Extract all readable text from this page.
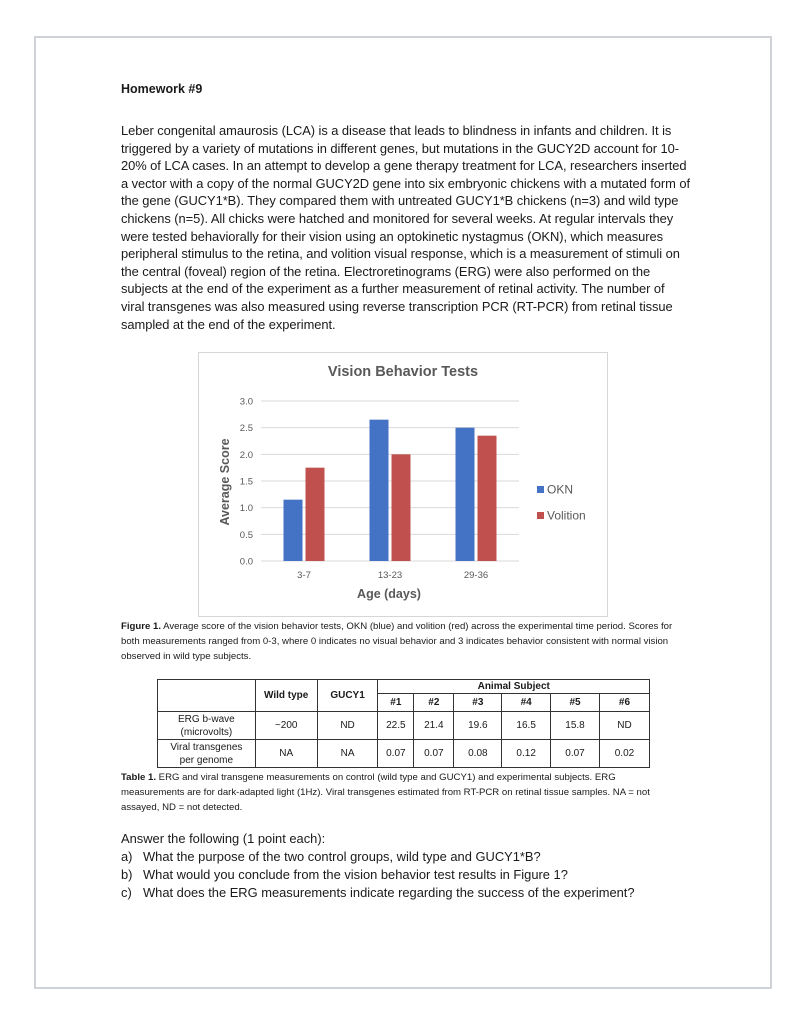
Homework #9

Leber congenital amaurosis (LCA) is a disease that leads to blindness in infants and children. It is triggered by a variety of mutations in different genes, but mutations in the GUCY2D account for 10-20% of LCA cases. In an attempt to develop a gene therapy treatment for LCA, researchers inserted a vector with a copy of the normal GUCY2D gene into six embryonic chickens with a mutated form of the gene (GUCY1*B). They compared them with untreated GUCY1*B chickens (n=3) and wild type chickens (n=5). All chicks were hatched and monitored for several weeks. At regular intervals they were tested behaviorally for their vision using an optokinetic nystagmus (OKN), which measures peripheral stimulus to the retina, and volition visual response, which is a measurement of stimuli on the central (foveal) region of the retina. Electroretinograms (ERG) were also performed on the subjects at the end of the experiment as a further measurement of retinal activity. The number of viral transgenes was also measured using reverse transcription PCR (RT-PCR) from retinal tissue sampled at the end of the experiment.

Vision Behavior Tests
0.0
0.5
1.0
1.5
2.0
2.5
3.0
3-7	13-23	29-36
Average Score
Age (days)
OKN
Volition

Figure 1. Average score of the vision behavior tests, OKN (blue) and volition (red) across the experimental time period. Scores for both measurements ranged from 0-3, where 0 indicates no visual behavior and 3 indicates behavior consistent with normal vision observed in wild type subjects.

	Wild type	GUCY1	Animal Subject					
			#1	#2	#3	#4	#5	#6
ERG b-wave
(microvolts)	~200	ND	22.5	21.4	19.6	16.5	15.8	ND
Viral transgenes
per genome	NA	NA	0.07	0.07	0.08	0.12	0.07	0.02

Table 1. ERG and viral transgene measurements on control (wild type and GUCY1) and experimental subjects. ERG measurements are for dark-adapted light (1Hz). Viral transgenes estimated from RT-PCR on retinal tissue samples. NA = not assayed, ND = not detected.

Answer the following (1 point each):
a) What the purpose of the two control groups, wild type and GUCY1*B?
b) What would you conclude from the vision behavior test results in Figure 1?
c) What does the ERG measurements indicate regarding the success of the experiment?
